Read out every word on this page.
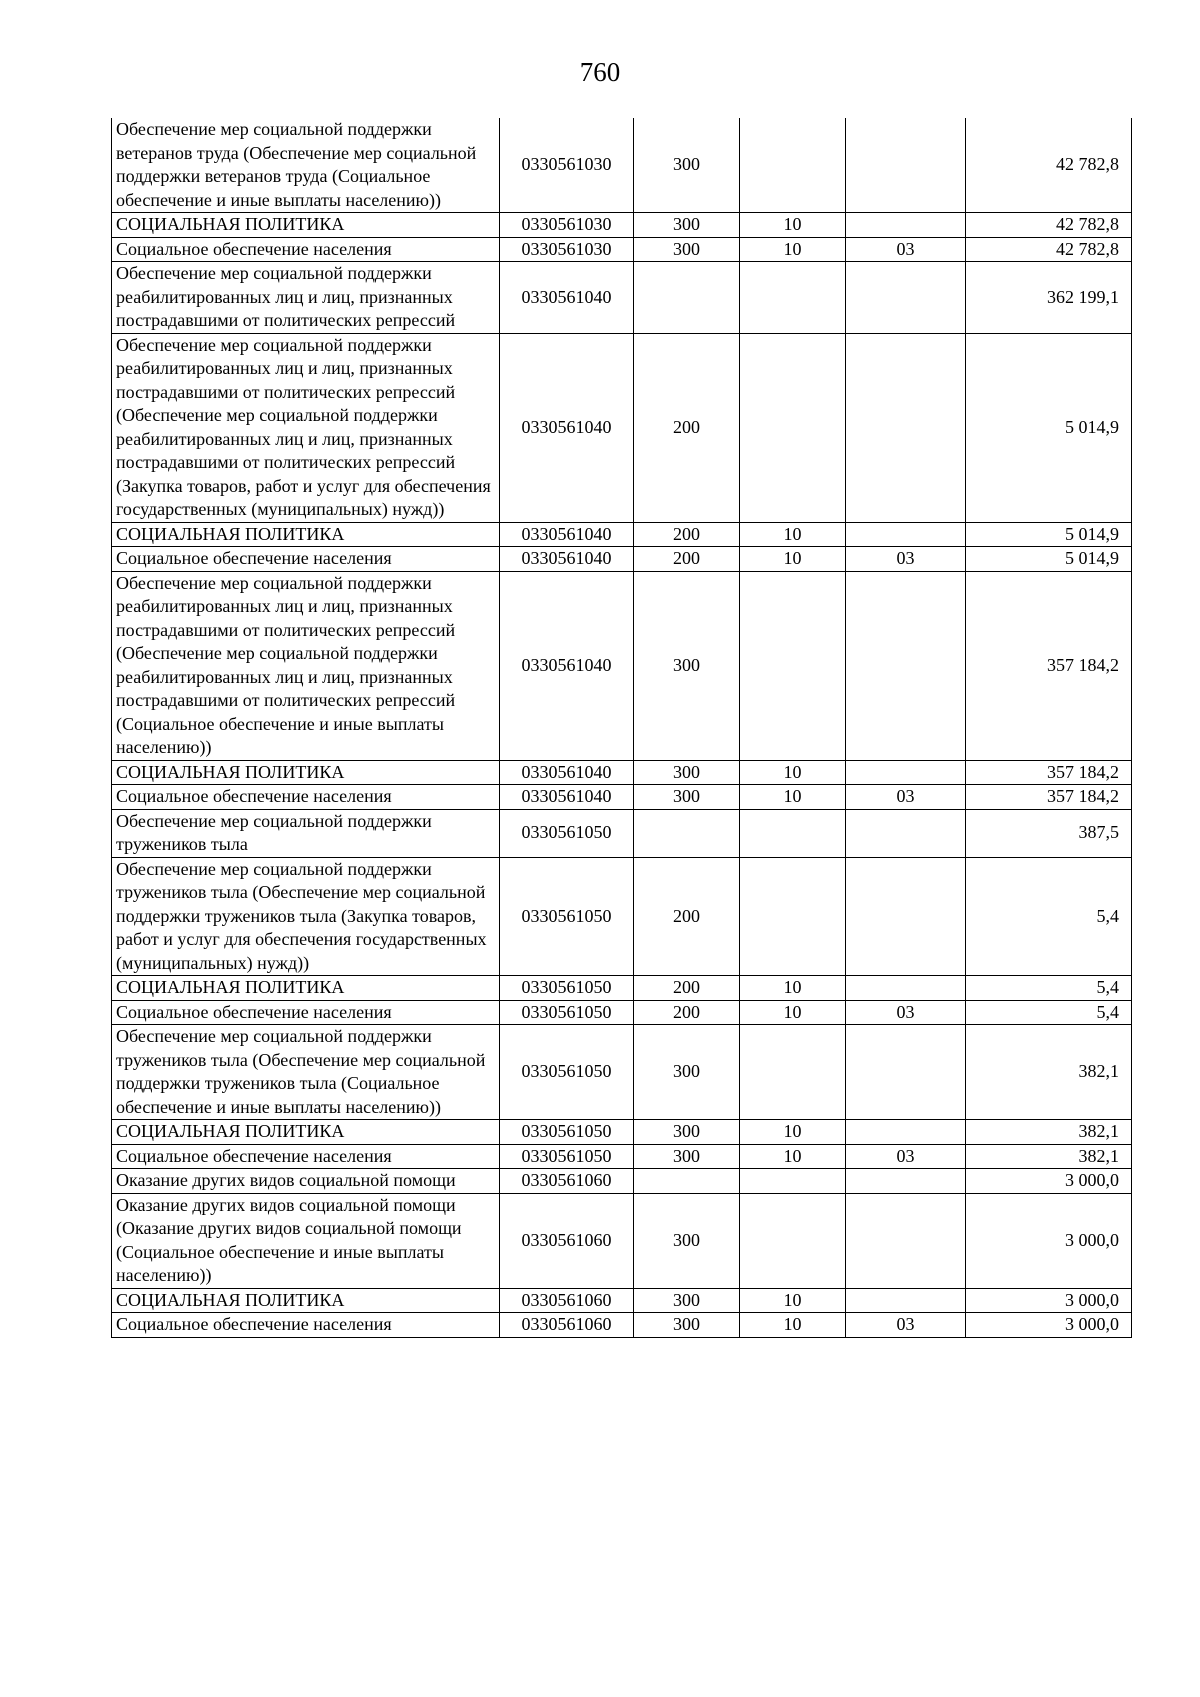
760
Обеспечение мер социальной поддержки ветеранов труда (Обеспечение мер социальной поддержки ветеранов труда (Социальное обеспечение и иные выплаты населению))	0330561030	300			42 782,8
СОЦИАЛЬНАЯ ПОЛИТИКА	0330561030	300	10		42 782,8
Социальное обеспечение населения	0330561030	300	10	03	42 782,8
Обеспечение мер социальной поддержки реабилитированных лиц и лиц, признанных пострадавшими от политических репрессий	0330561040				362 199,1
Обеспечение мер социальной поддержки реабилитированных лиц и лиц, признанных пострадавшими от политических репрессий (Обеспечение мер социальной поддержки реабилитированных лиц и лиц, признанных пострадавшими от политических репрессий (Закупка товаров, работ и услуг для обеспечения государственных (муниципальных) нужд))	0330561040	200			5 014,9
СОЦИАЛЬНАЯ ПОЛИТИКА	0330561040	200	10		5 014,9
Социальное обеспечение населения	0330561040	200	10	03	5 014,9
Обеспечение мер социальной поддержки реабилитированных лиц и лиц, признанных пострадавшими от политических репрессий (Обеспечение мер социальной поддержки реабилитированных лиц и лиц, признанных пострадавшими от политических репрессий (Социальное обеспечение и иные выплаты населению))	0330561040	300			357 184,2
СОЦИАЛЬНАЯ ПОЛИТИКА	0330561040	300	10		357 184,2
Социальное обеспечение населения	0330561040	300	10	03	357 184,2
Обеспечение мер социальной поддержки тружеников тыла	0330561050				387,5
Обеспечение мер социальной поддержки тружеников тыла (Обеспечение мер социальной поддержки тружеников тыла (Закупка товаров, работ и услуг для обеспечения государственных (муниципальных) нужд))	0330561050	200			5,4
СОЦИАЛЬНАЯ ПОЛИТИКА	0330561050	200	10		5,4
Социальное обеспечение населения	0330561050	200	10	03	5,4
Обеспечение мер социальной поддержки тружеников тыла (Обеспечение мер социальной поддержки тружеников тыла (Социальное обеспечение и иные выплаты населению))	0330561050	300			382,1
СОЦИАЛЬНАЯ ПОЛИТИКА	0330561050	300	10		382,1
Социальное обеспечение населения	0330561050	300	10	03	382,1
Оказание других видов социальной помощи	0330561060				3 000,0
Оказание других видов социальной помощи (Оказание других видов социальной помощи (Социальное обеспечение и иные выплаты населению))	0330561060	300			3 000,0
СОЦИАЛЬНАЯ ПОЛИТИКА	0330561060	300	10		3 000,0
Социальное обеспечение населения	0330561060	300	10	03	3 000,0
